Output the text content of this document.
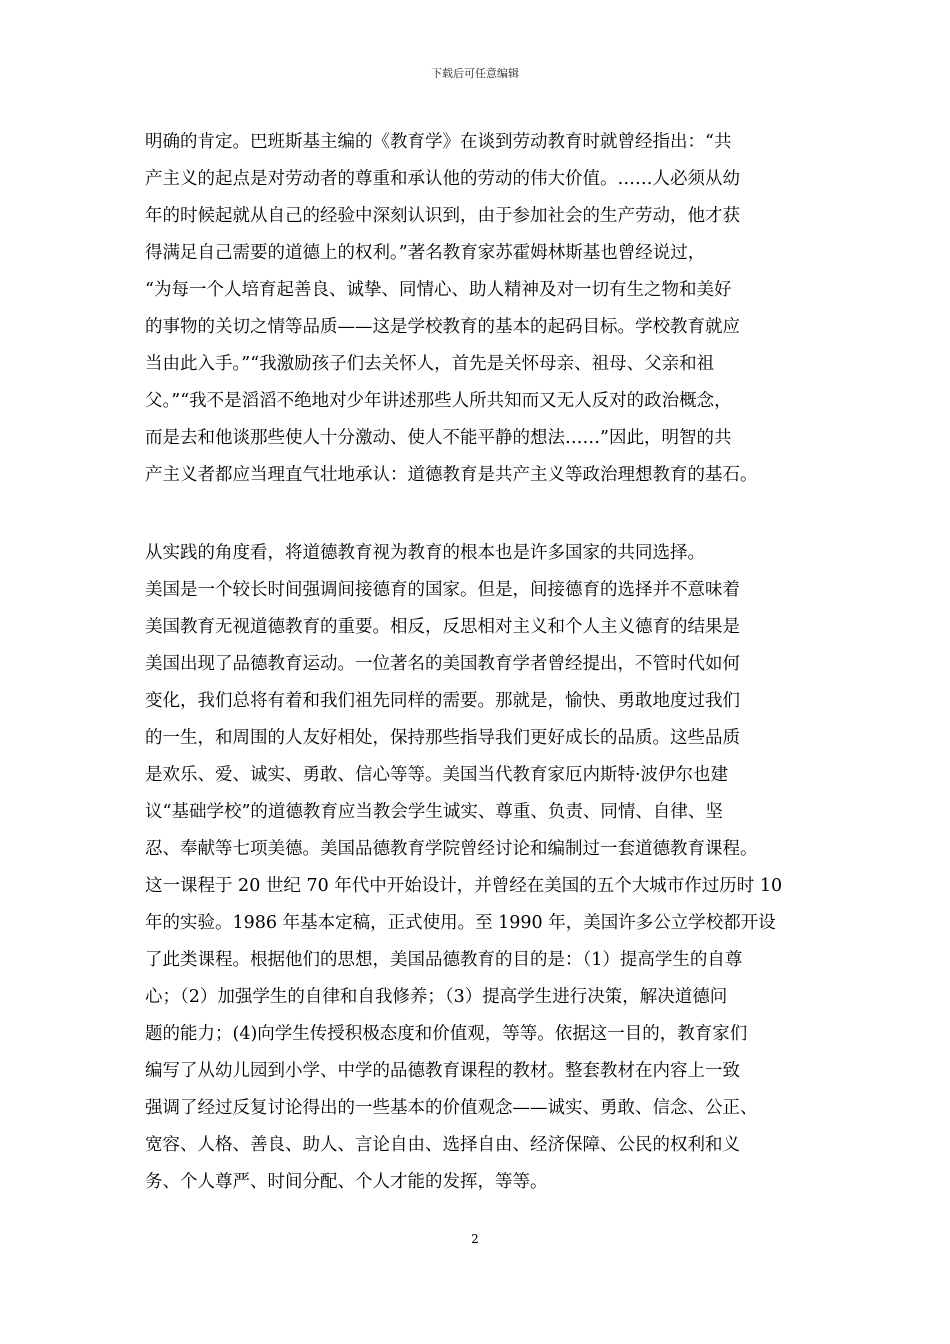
下载后可任意编辑
明确的肯定。巴班斯基主编的《教育学》在谈到劳动教育时就曾经指出：“共
产主义的起点是对劳动者的尊重和承认他的劳动的伟大价值。……人必须从幼
年的时候起就从自己的经验中深刻认识到，由于参加社会的生产劳动，他才获
得满足自己需要的道德上的权利。”著名教育家苏霍姆林斯基也曾经说过，
“为每一个人培育起善良、诚挚、同情心、助人精神及对一切有生之物和美好
的事物的关切之情等品质——这是学校教育的基本的起码目标。学校教育就应
当由此入手。”“我激励孩子们去关怀人，首先是关怀母亲、祖母、父亲和祖
父。”“我不是滔滔不绝地对少年讲述那些人所共知而又无人反对的政治概念，
而是去和他谈那些使人十分激动、使人不能平静的想法……”因此，明智的共
产主义者都应当理直气壮地承认：道德教育是共产主义等政治理想教育的基石。
从实践的角度看，将道德教育视为教育的根本也是许多国家的共同选择。
美国是一个较长时间强调间接德育的国家。但是，间接德育的选择并不意味着
美国教育无视道德教育的重要。相反，反思相对主义和个人主义德育的结果是
美国出现了品德教育运动。一位著名的美国教育学者曾经提出，不管时代如何
变化，我们总将有着和我们祖先同样的需要。那就是，愉快、勇敢地度过我们
的一生，和周围的人友好相处，保持那些指导我们更好成长的品质。这些品质
是欢乐、爱、诚实、勇敢、信心等等。美国当代教育家厄内斯特·波伊尔也建
议“基础学校”的道德教育应当教会学生诚实、尊重、负责、同情、自律、坚
忍、奉献等七项美德。美国品德教育学院曾经讨论和编制过一套道德教育课程。
这一课程于 20 世纪 70 年代中开始设计，并曾经在美国的五个大城市作过历时 10
年的实验。1986 年基本定稿，正式使用。至 1990 年，美国许多公立学校都开设
了此类课程。根据他们的思想，美国品德教育的目的是：（1）提高学生的自尊
心；（2）加强学生的自律和自我修养；（3）提高学生进行决策，解决道德问
题的能力；(4)向学生传授积极态度和价值观，等等。依据这一目的，教育家们
编写了从幼儿园到小学、中学的品德教育课程的教材。整套教材在内容上一致
强调了经过反复讨论得出的一些基本的价值观念——诚实、勇敢、信念、公正、
宽容、人格、善良、助人、言论自由、选择自由、经济保障、公民的权利和义
务、个人尊严、时间分配、个人才能的发挥，等等。
2
